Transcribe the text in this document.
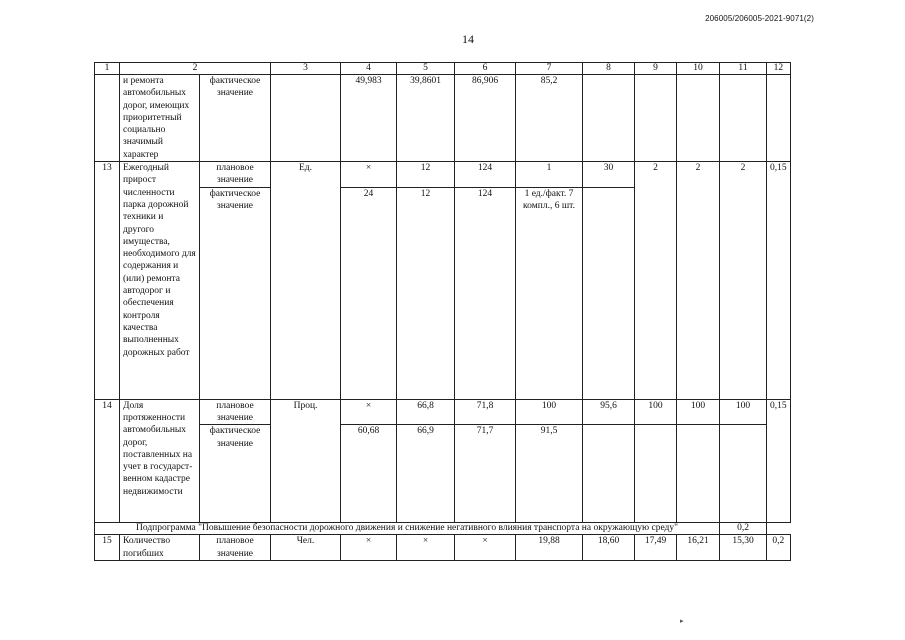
206005/206005-2021-9071(2)
14
1	2		3	4	5	6	7	8	9	10	11	12
	и ремонта автомобильных дорог, имеющих приоритетный социально значимый характер	фактическое значение		49,983	39,8601	86,906	85,2					
13	Ежегодный прирост численности парка дорожной техники и другого имущества, необходимого для содержания и (или) ремонта автодорог и обеспечения контроля качества выполненных дорожных работ	плановое значение	Ед.	×	12	124	1	30	2	2	2	0,15
		фактическое значение		24	12	124	1 ед./факт. 7 компл., 6 шт.					
14	Доля протяженности автомобильных дорог, поставленных на учет в государст-венном кадастре недвижимости	плановое значение	Проц.	×	66,8	71,8	100	95,6	100	100	100	0,15
		фактическое значение		60,68	66,9	71,7	91,5					
Подпрограмма "Повышение безопасности дорожного движения и снижение негативного влияния транспорта на окружающую среду"											0,2	
15	Количество погибших	плановое значение	Чел.	×	×	×	19,88	18,60	17,49	16,21	15,30	0,2
▸
